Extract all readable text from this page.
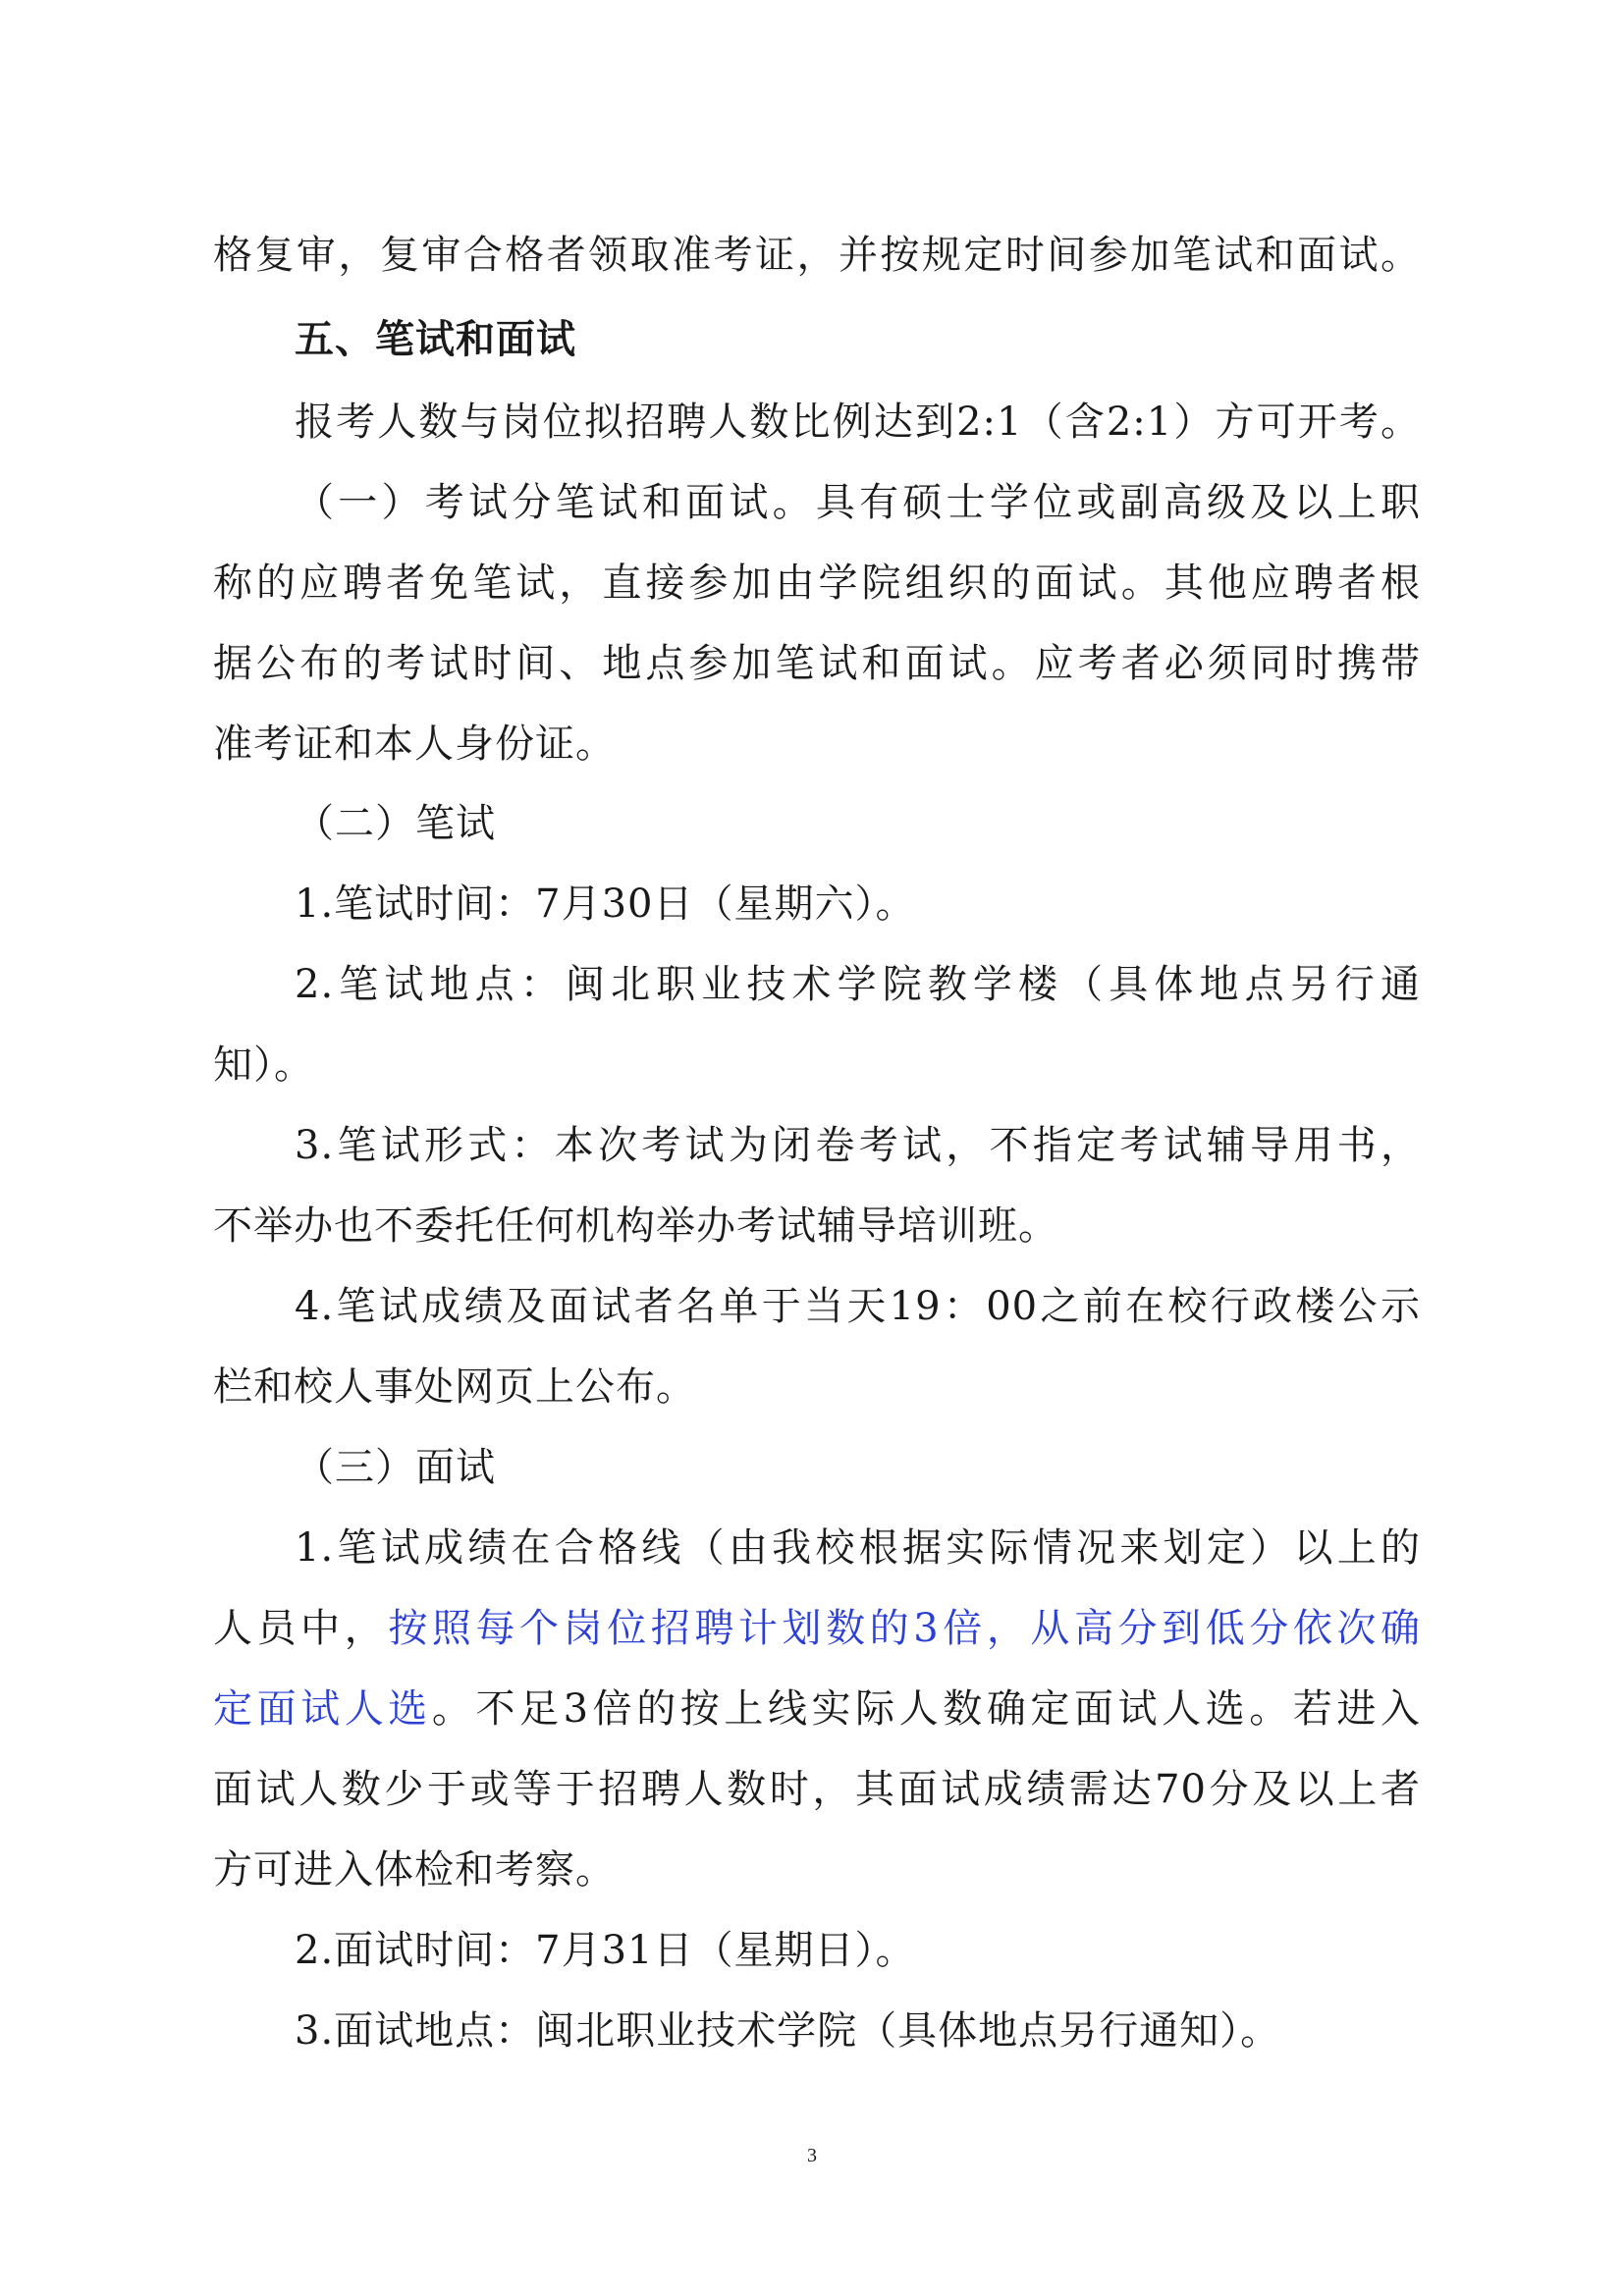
格复审，复审合格者领取准考证，并按规定时间参加笔试和面试。
五、笔试和面试
报考人数与岗位拟招聘人数比例达到2:1（含2:1）方可开考。
（一）考试分笔试和面试。具有硕士学位或副高级及以上职
称的应聘者免笔试，直接参加由学院组织的面试。其他应聘者根
据公布的考试时间、地点参加笔试和面试。应考者必须同时携带
准考证和本人身份证。
（二）笔试
1.笔试时间：7月30日（星期六）。
2.笔试地点：闽北职业技术学院教学楼（具体地点另行通
知）。
3.笔试形式：本次考试为闭卷考试，不指定考试辅导用书，
不举办也不委托任何机构举办考试辅导培训班。
4.笔试成绩及面试者名单于当天19：00之前在校行政楼公示
栏和校人事处网页上公布。
（三）面试
1.笔试成绩在合格线（由我校根据实际情况来划定）以上的
人员中，按照每个岗位招聘计划数的3倍，从高分到低分依次确
定面试人选。不足3倍的按上线实际人数确定面试人选。若进入
面试人数少于或等于招聘人数时，其面试成绩需达70分及以上者
方可进入体检和考察。
2.面试时间：7月31日（星期日）。
3.面试地点：闽北职业技术学院（具体地点另行通知）。
3
